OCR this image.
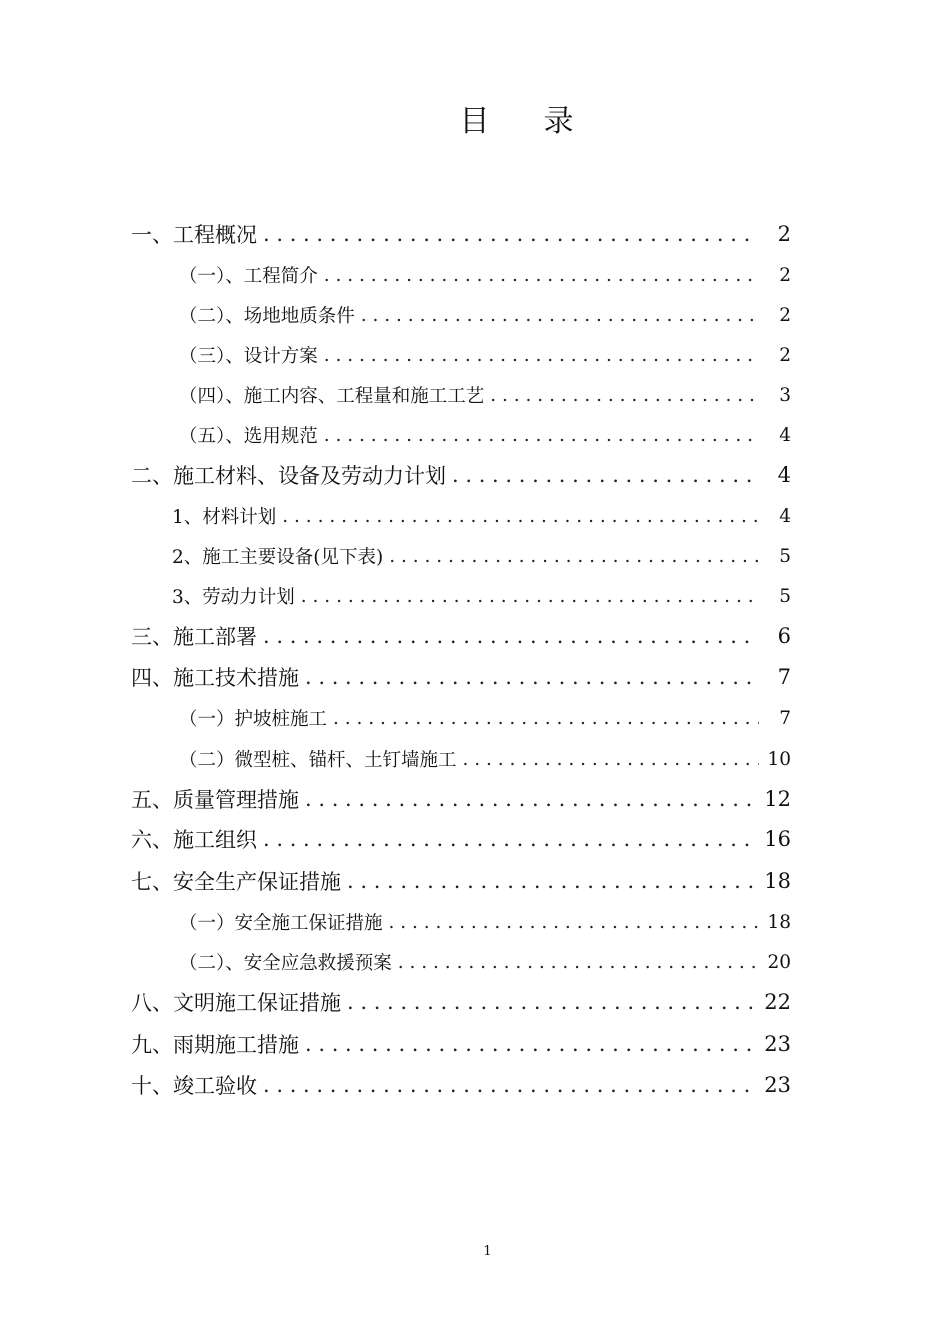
目 录
一、工程概况 . . .	2
（一）、工程简介 . . .	2
（二）、场地地质条件 . . .	2
（三）、设计方案 . . .	2
（四）、施工内容、工程量和施工工艺 . . .	3
（五）、选用规范 . . .	4
二、施工材料、设备及劳动力计划 . . .	4
1、材料计划 . . .	4
2、施工主要设备(见下表) . . .	5
3、劳动力计划 . . .	5
三、施工部署 . . .	6
四、施工技术措施 . . .	7
（一）护坡桩施工 . . .	7
（二）微型桩、锚杆、土钉墙施工 . . .	10
五、质量管理措施 . . .	12
六、施工组织 . . .	16
七、安全生产保证措施 . . .	18
（一）安全施工保证措施 . . .	18
（二）、安全应急救援预案 . . .	20
八、文明施工保证措施 . . .	22
九、雨期施工措施 . . .	23
十、竣工验收 . . .	23
1
